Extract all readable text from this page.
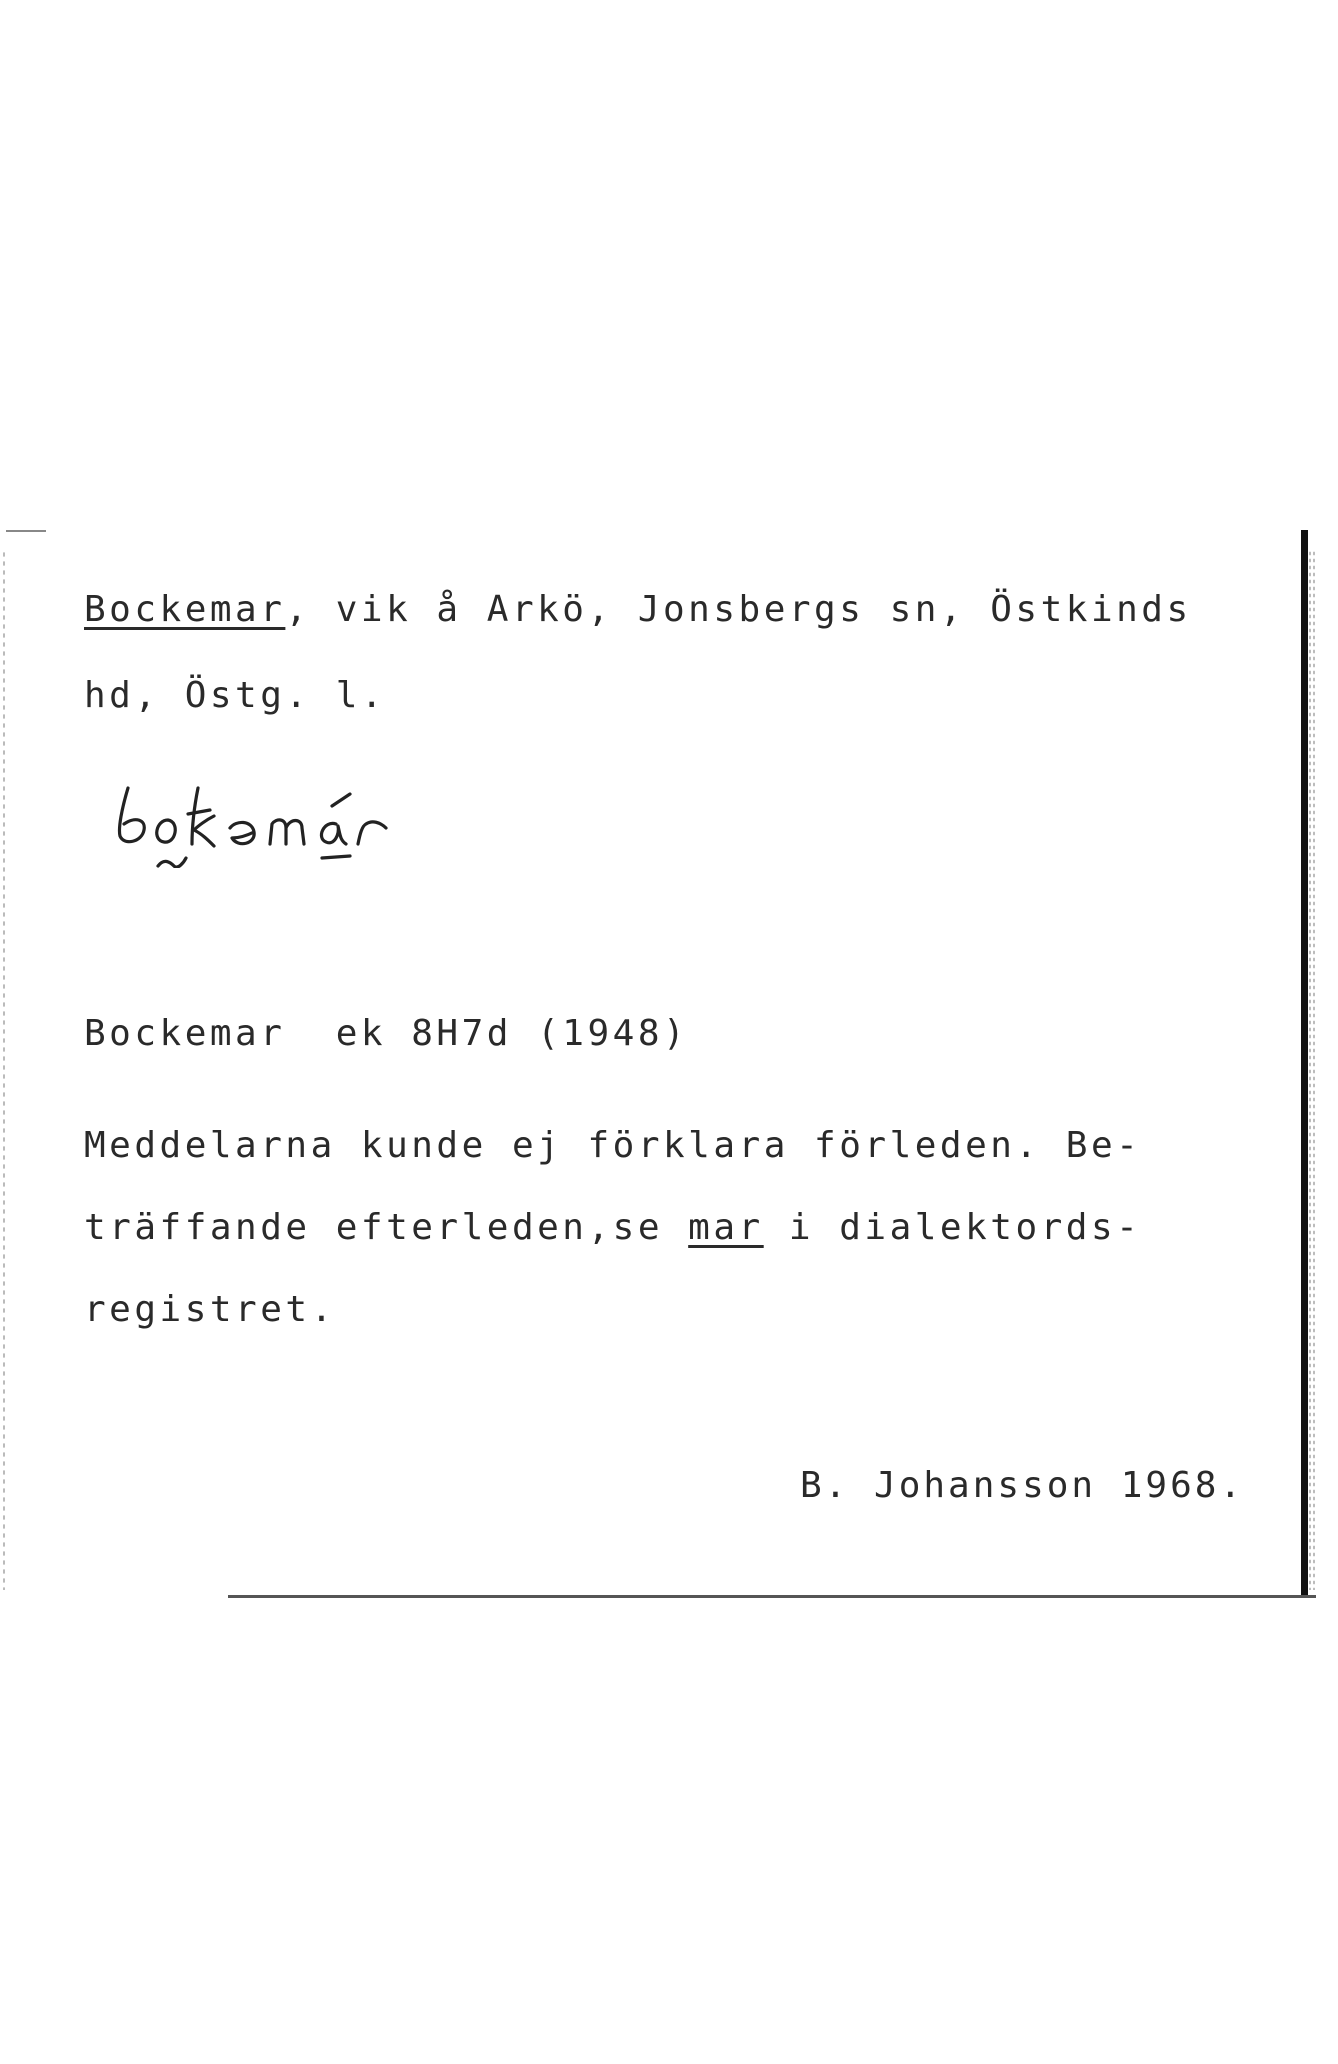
Bockemar, vik å Arkö, Jonsbergs sn, Östkinds
hd, Östg. l.
Bockemar  ek 8H7d (1948)
Meddelarna kunde ej förklara förleden. Be-
träffande efterleden,se mar i dialektords-
registret.
B. Johansson 1968.
